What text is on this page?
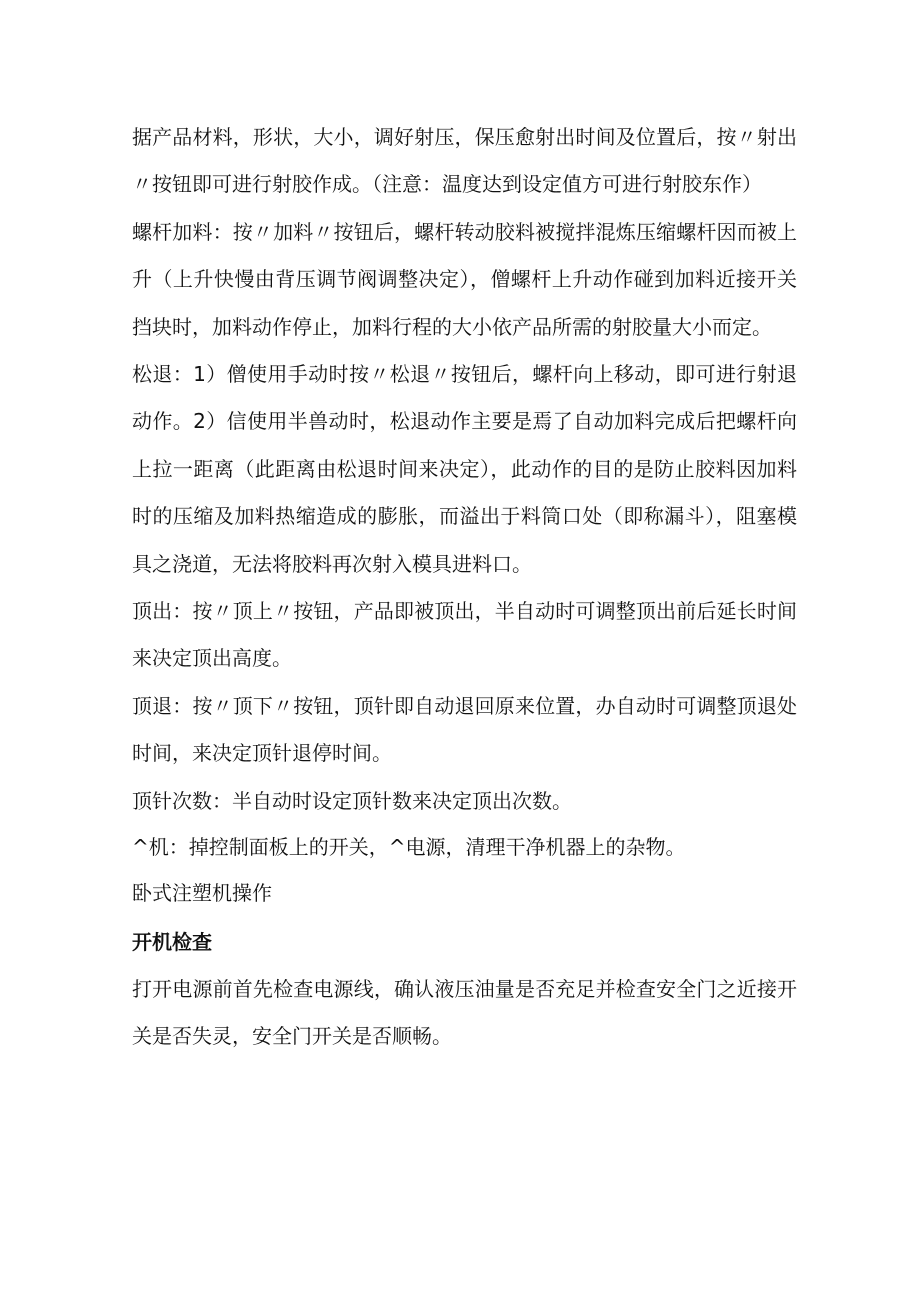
据产品材料，形状，大小，调好射压，保压愈射出时间及位置后，按〃射出〃按钮即可进行射胶作成。（注意：温度达到设定值方可进行射胶东作）

螺杆加料：按〃加料〃按钮后，螺杆转动胶料被搅拌混炼压缩螺杆因而被上升（上升快慢由背压调节阀调整决定），僧螺杆上升动作碰到加料近接开关挡块时，加料动作停止，加料行程的大小依产品所需的射胶量大小而定。

松退：1）僧使用手动时按〃松退〃按钮后，螺杆向上移动，即可进行射退动作。2）信使用半兽动时，松退动作主要是焉了自动加料完成后把螺杆向上拉一距离（此距离由松退时间来决定），此动作的目的是防止胶料因加料时的压缩及加料热缩造成的膨胀，而溢出于料筒口处（即称漏斗），阻塞模具之浇道，无法将胶料再次射入模具进料口。

顶出：按〃顶上〃按钮，产品即被顶出，半自动时可调整顶出前后延长时间来决定顶出高度。

顶退：按〃顶下〃按钮，顶针即自动退回原来位置，办自动时可调整顶退处时间，来决定顶针退停时间。

顶针次数：半自动时设定顶针数来决定顶出次数。

^机：掉控制面板上的开关，^电源，清理干净机器上的杂物。

卧式注塑机操作

开机检查

打开电源前首先检查电源线，确认液压油量是否充足并检查安全门之近接开关是否失灵，安全门开关是否顺畅。
